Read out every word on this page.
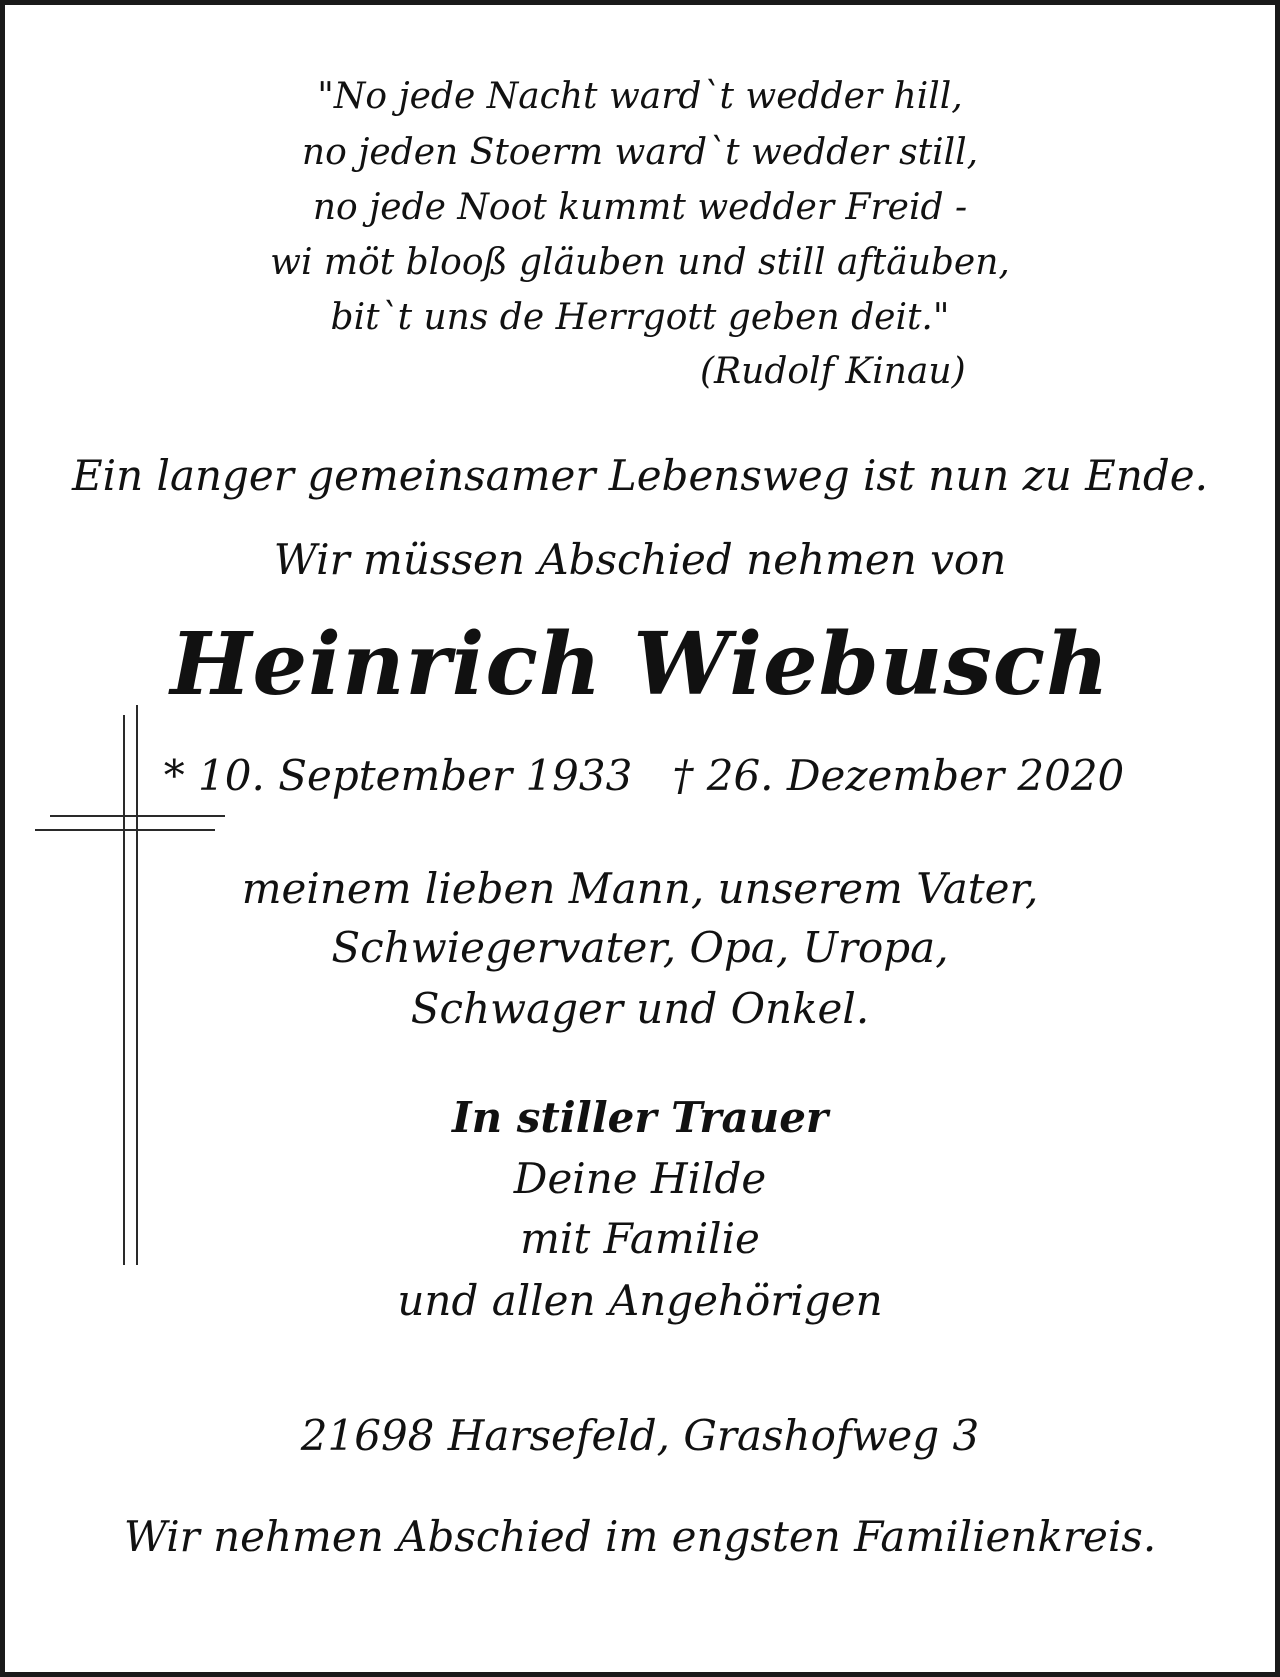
"No jede Nacht ward`t wedder hill,

no jeden Stoerm ward`t wedder still,

no jede Noot kummt wedder Freid -

wi möt blooß gläuben und still aftäuben,

bit`t uns de Herrgott geben deit."

(Rudolf Kinau)

Ein langer gemeinsamer Lebensweg ist nun zu Ende.

Wir müssen Abschied nehmen von

Heinrich Wiebusch

* 10. September 1933   † 26. Dezember 2020

meinem lieben Mann, unserem Vater,

Schwiegervater, Opa, Uropa,

Schwager und Onkel.

In stiller Trauer

Deine Hilde

mit Familie

und allen Angehörigen

21698 Harsefeld, Grashofweg 3

Wir nehmen Abschied im engsten Familienkreis.
